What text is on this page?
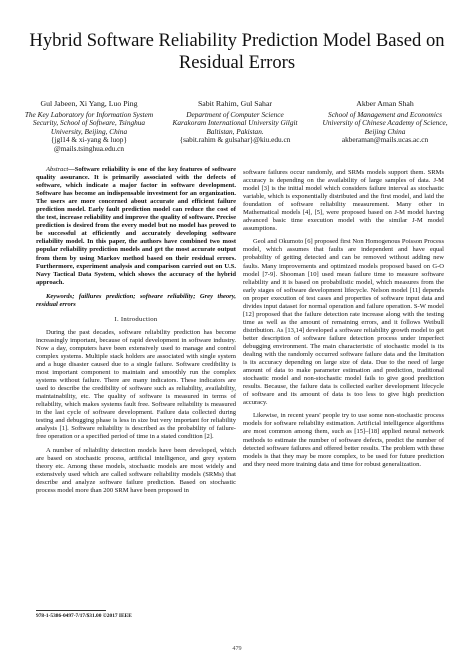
Hybrid Software Reliability Prediction Model Based on Residual Errors
Gul Jabeen, Xi Yang, Luo Ping
The Key Laboratory for Information System Security, School of Software, Tsinghua University, Beijing, China
{jgl14 & xi-yang & luop} @mails.tsinghua.edu.cn
Sabit Rahim, Gul Sahar
Department of Computer Science Karakoram International University Gilgit Baltistan, Pakistan.
{sabit.rahim & gulsahar}@kiu.edu.cn
Akber Aman Shah
School of Management and Economics University of Chinese Academy of Science, Beijing China
akberaman@mails.ucas.ac.cn

Abstract—Software reliability is one of the key features of software quality assurance. It is primarily associated with the defects of software, which indicate a major factor in software development. Software has become an indispensable investment for an organization. The users are more concerned about accurate and efficient failure prediction model. Early fault prediction model can reduce the cost of the test, increase reliability and improve the quality of software. Precise prediction is desired from the every model but no model has proved to be successful at efficiently and accurately developing software reliability model. In this paper, the authors have combined two most popular reliability prediction models and get the most accurate output from them by using Markov method based on their residual errors. Furthermore, experiment analysis and comparison carried out on U.S. Navy Tactical Data System, which shows the accuracy of the hybrid approach.

Keywords; faillures prediction; software reliability; Grey theory, residual errors

I. Introduction

During the past decades, software reliability prediction has become increasingly important, because of rapid development in software industry. Now a day, computers have been extensively used to manage and control complex systems. Multiple stack holders are associated with single system and a huge disaster caused due to a single failure. Software credibility is most important component to maintain and smoothly run the complex systems without failure. There are many indicators. These indicators are used to describe the credibility of software such as reliability, availability, maintainability, etc. The quality of software is measured in terms of reliability, which makes systems fault free. Software reliability is measured in the last cycle of software development. Failure data collected during testing and debugging phase is less in size but very important for reliability analysis [1]. Software reliability is described as the probability of failure-free operation or a specified period of time in a stated condition [2].

A number of reliability detection models have been developed, which are based on stochastic process, artificial intelligence, and grey system theory etc. Among these models, stochastic models are most widely and extensively used which are called software reliability models (SRMs) that describe and analyze software failure prediction. Based on stochastic process model more than 200 SRM have been proposed in

software failures occur randomly, and SRMs models support them. SRMs accuracy is depending on the availability of large samples of data. J-M model [3] is the initial model which considers failure interval as stochastic variable, which is exponentially distributed and the first model, and laid the foundation of software reliability measurement. Many other in Mathematical models [4], [5], were proposed based on J-M model having advanced basic time execution model with the similar J-M model assumptions.

Geol and Okumoto [6] proposed first Non Homogenous Poisson Process model, which assumes that faults are independent and have equal probability of getting detected and can be removed without adding new faults. Many improvements and optimized models proposed based on G-O model [7-9]. Shooman [10] used mean failure time to measure software reliability and it is based on probabilistic model, which measures from the early stages of software development lifecycle. Nelson model [11] depends on proper execution of test cases and properties of software input data and divides input dataset for normal operation and failure operation. S-W model [12] proposed that the failure detection rate increase along with the testing time as well as the amount of remaining errors, and it follows Weibull distribution. As [13,14] developed a software reliability growth model to get better description of software failure detection process under imperfect debugging environment. The main characteristic of stochastic model is its dealing with the randomly occurred software failure data and the limitation is its accuracy depending on large size of data. Due to the need of large amount of data to make parameter estimation and prediction, traditional stochastic model and non-stochastic model fails to give good prediction results. Because, the failure data is collected earlier development lifecycle of software and its amount of data is too less to give high prediction accuracy.

Likewise, in recent years' people try to use some non-stochastic process models for software reliability estimation. Artificial intelligence algorithms are most common among them, such as [15]–[18] applied neural network methods to estimate the number of software defects, predict the number of detected software failures and offered better results. The problem with these models is that they may be more complex, to be used for future prediction and they need more training data and time for robust generalization.

978-1-5386-0497-7/17/$31.00 ©2017 IEEE
479
